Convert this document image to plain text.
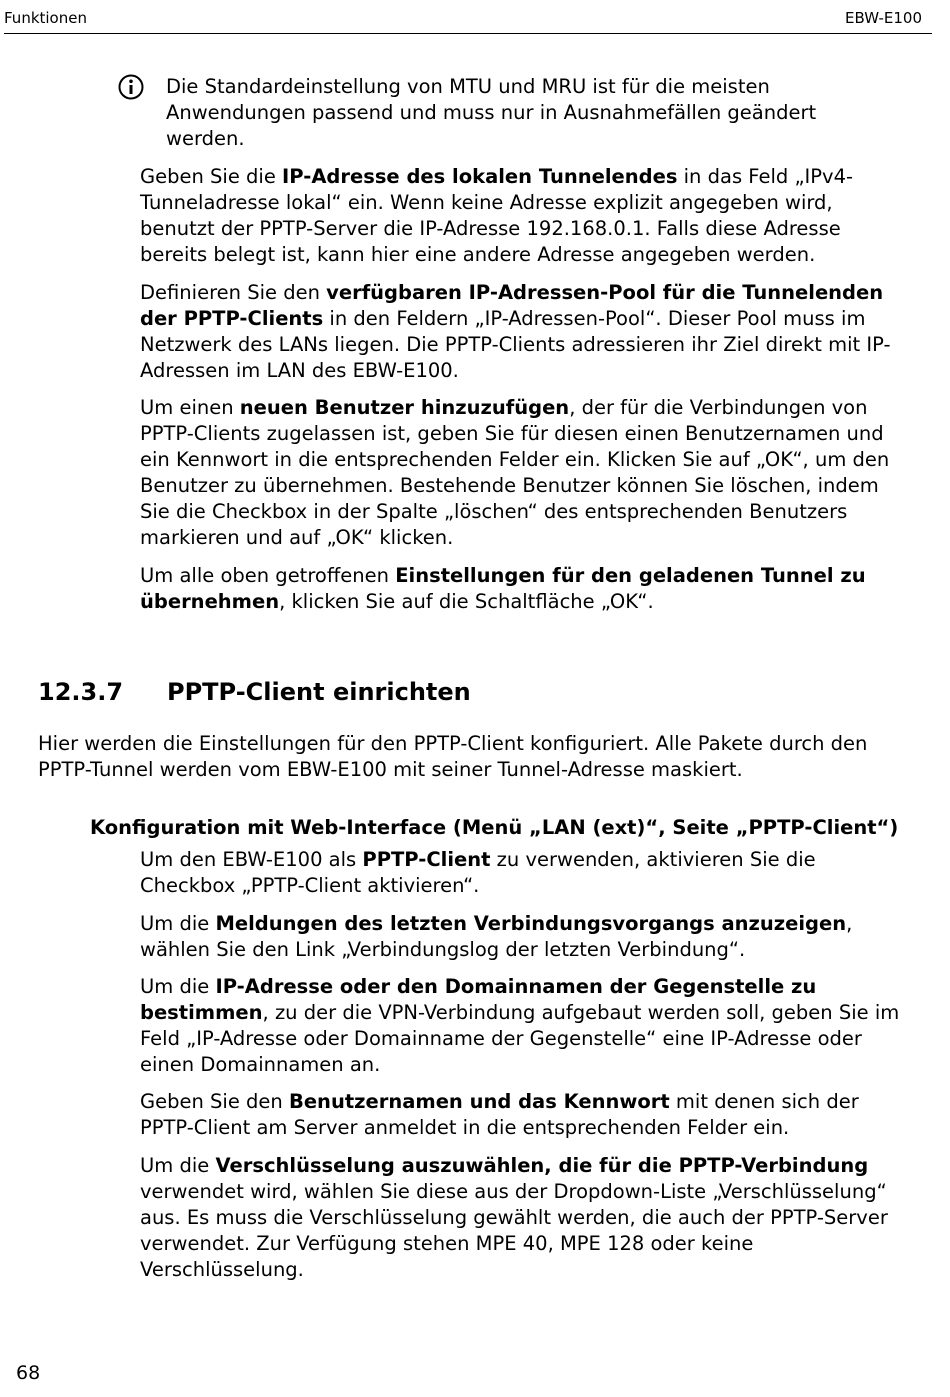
Funktionen	EBW-E100
Die Standardeinstellung von MTU und MRU ist für die meisten Anwendungen passend und muss nur in Ausnahmefällen geändert werden.

Geben Sie die IP-Adresse des lokalen Tunnelendes in das Feld „IPv4-Tunneladresse lokal“ ein. Wenn keine Adresse explizit angegeben wird, benutzt der PPTP-Server die IP-Adresse 192.168.0.1. Falls diese Adresse bereits belegt ist, kann hier eine andere Adresse angegeben werden.

Definieren Sie den verfügbaren IP-Adressen-Pool für die Tunnelenden der PPTP-Clients in den Feldern „IP-Adressen-Pool“. Dieser Pool muss im Netzwerk des LANs liegen. Die PPTP-Clients adressieren ihr Ziel direkt mit IP-Adressen im LAN des EBW-E100.

Um einen neuen Benutzer hinzuzufügen, der für die Verbindungen von PPTP-Clients zugelassen ist, geben Sie für diesen einen Benutzernamen und ein Kennwort in die entsprechenden Felder ein. Klicken Sie auf „OK“, um den Benutzer zu übernehmen. Bestehende Benutzer können Sie löschen, indem Sie die Checkbox in der Spalte „löschen“ des entsprechenden Benutzers markieren und auf „OK“ klicken.

Um alle oben getroffenen Einstellungen für den geladenen Tunnel zu übernehmen, klicken Sie auf die Schaltfläche „OK“.

12.3.7 PPTP-Client einrichten

Hier werden die Einstellungen für den PPTP-Client konfiguriert. Alle Pakete durch den PPTP-Tunnel werden vom EBW-E100 mit seiner Tunnel-Adresse maskiert.

Konfiguration mit Web-Interface (Menü „LAN (ext)“, Seite „PPTP-Client“)

Um den EBW-E100 als PPTP-Client zu verwenden, aktivieren Sie die Checkbox „PPTP-Client aktivieren“.

Um die Meldungen des letzten Verbindungsvorgangs anzuzeigen, wählen Sie den Link „Verbindungslog der letzten Verbindung“.

Um die IP-Adresse oder den Domainnamen der Gegenstelle zu bestimmen, zu der die VPN-Verbindung aufgebaut werden soll, geben Sie im Feld „IP-Adresse oder Domainname der Gegenstelle“ eine IP-Adresse oder einen Domainnamen an.

Geben Sie den Benutzernamen und das Kennwort mit denen sich der PPTP-Client am Server anmeldet in die entsprechenden Felder ein.

Um die Verschlüsselung auszuwählen, die für die PPTP-Verbindung verwendet wird, wählen Sie diese aus der Dropdown-Liste „Verschlüsselung“ aus. Es muss die Verschlüsselung gewählt werden, die auch der PPTP-Server verwendet. Zur Verfügung stehen MPE 40, MPE 128 oder keine Verschlüsselung.

68
